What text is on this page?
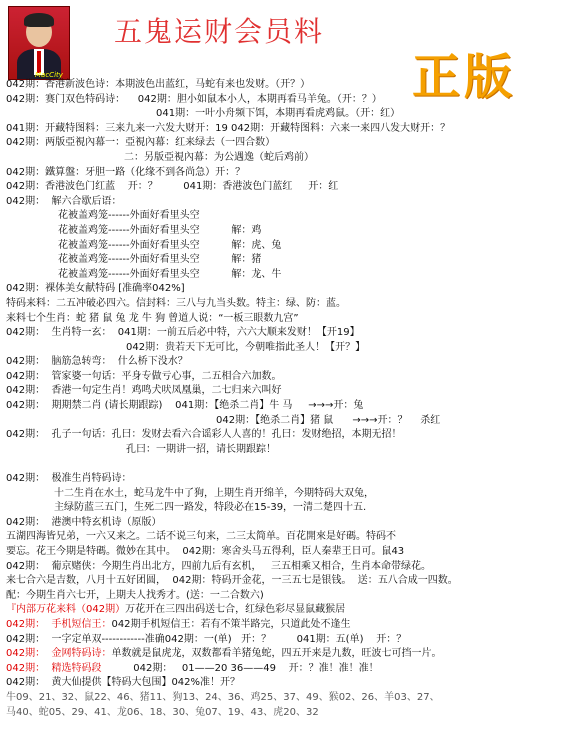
MacCity
五鬼运财会员料
正版
042期：香港新波色诗：本期波色出蓝红，马蛇有来也发财。（开？）
042期：赛门双色特码诗：    042期：胆小如鼠本小人，本期再看马羊兔。（开：？）
041期：一叶小舟频下饵，本期再看虎鸡鼠。（开：红）
041期：开藏特图料：三来九来一六发大财开：19 042期：开藏特图料：六来一来四八发大财开：？
042期：两版亞視內幕一：亞視內幕：红来绿去（一四合数）
二：另版亞視內幕：为公遇逸（蛇后鸡前）
042期：鐵算盤：牙胆一路（化缘不到各尚急）开：？
042期：香港波色门红蓝    开：？        041期：香港波色门蓝红     开：红
042期：  解六合歇后语：
花被盖鸡笼------外面好看里头空
花被盖鸡笼------外面好看里头空          解：鸡
花被盖鸡笼------外面好看里头空          解：虎、兔
花被盖鸡笼------外面好看里头空          解：猪
花被盖鸡笼------外面好看里头空          解：龙、牛
042期：裸体美女献特码 [准确率042%]
特码来料：二五冲破必四六。信封料：三八与九当头数。特主：绿、防：蓝。
来料七个生肖：蛇 猪 鼠 兔 龙 牛 狗 曾道人说：“一板三眼数九宫”
042期：  生肖特一玄：  041期：一前五后必中特，六六大顺来发财！【开19】
042期：贵若天下无可比，今朝唯指此圣人！【开？】
042期：  脑筋急转弯：  什么桥下没水？
042期：  管家婆一句话：平身专做亏心事，二五相合六加数。
042期：  香港一句定生肖！鸡鸣犬吠凤凰巢，二七归来六叫好
042期：  期期禁二肖 (请长期跟踪)    041期：【绝杀二肖】牛 马     →→→开：兔
042期：【绝杀二肖】猪 鼠      →→→开：？    杀红
042期：  孔子一句话：孔曰：发财去看六合谣彩人人喜的！孔曰：发财绝招，本期无招！
孔曰：一期讲一招，请长期跟踪！
042期：  极准生肖特码诗：
十二生肖在水土，蛇马龙牛中了狗，上期生肖开绵羊，今期特码大双兔，
主绿防蓝三五门，生死二四一路发，特段必在15-39，一清二楚四十五.
042期：  港澳中特玄机诗（原版）
五湖四海皆兄弟，一六又来之。二话不说三句来，二三太简单。百花開來是好碼。特码不
要忘。花王今期是特碼。微妙在其中。  042期：寒舍头马五得利，臣人秦辈王日可。鼠43
042期：  葡京赌侠：今期生肖出北方，四前九后有玄机，   三五相乘又相合，生肖本命带绿花。
来七合六是吉数，八月十五好团圆，  042期：特码开金花，一三五七是银钱。  送：五八合成一四数。
配：今期生肖六七开，上期夫人找秀才。(送：一二合数六)
『内部万花来料（042期）万花开在三四出码送七合，红绿色彩尽显鼠藏猴居
042期：  手机短信王：042期手机短信王：若有不策半路完，只道此处不逢生
042期：  一字定单双------------准确042期：一(单)   开：？        041期：五(单)    开：？
042期：  金网特码诗：单数就是鼠虎龙，双数都看羊猪兔蛇，四五开来是九数，旺波七可挡一片。
042期：  精选特码段          042期：   01——20 36——49    开：？准！准！准！
042期：  黄大仙提供【特码大包围】042%准！开？
牛09、21、32、鼠22、46、猪11、狗13、24、36、鸡25、37、49、猴02、26、羊03、27、
马40、蛇05、29、41、龙06、18、30、兔07、19、43、虎20、32
